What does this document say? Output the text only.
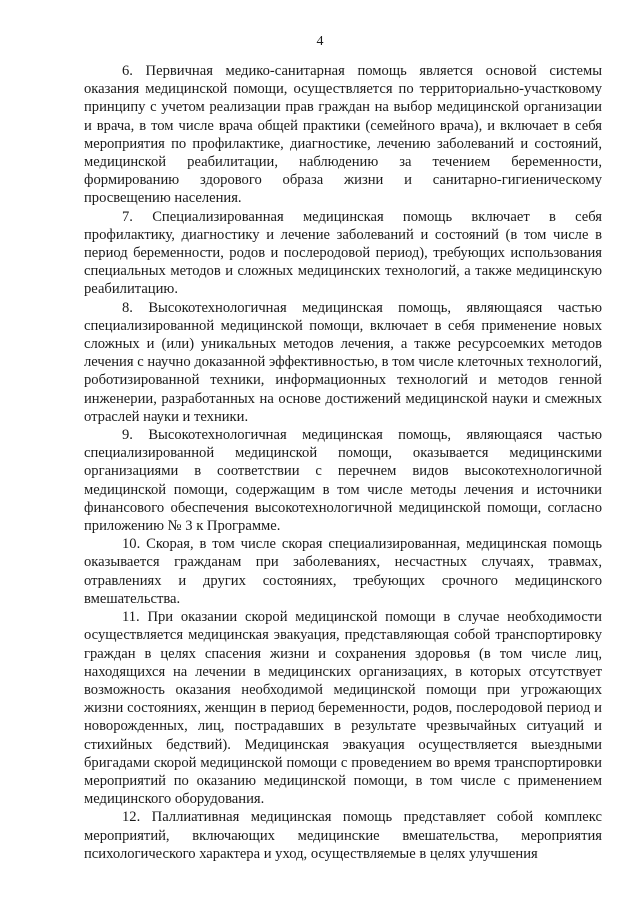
4

6. Первичная медико-санитарная помощь является основой системы оказания медицинской помощи, осуществляется по территориально-участковому принципу с учетом реализации прав граждан на выбор медицинской организации и врача, в том числе врача общей практики (семейного врача), и включает в себя мероприятия по профилактике, диагностике, лечению заболеваний и состояний, медицинской реабилитации, наблюдению за течением беременности, формированию здорового образа жизни и санитарно-гигиеническому просвещению населения.

7. Специализированная медицинская помощь включает в себя профилактику, диагностику и лечение заболеваний и состояний (в том числе в период беременности, родов и послеродовой период), требующих использования специальных методов и сложных медицинских технологий, а также медицинскую реабилитацию.

8. Высокотехнологичная медицинская помощь, являющаяся частью специализированной медицинской помощи, включает в себя применение новых сложных и (или) уникальных методов лечения, а также ресурсоемких методов лечения с научно доказанной эффективностью, в том числе клеточных технологий, роботизированной техники, информационных технологий и методов генной инженерии, разработанных на основе достижений медицинской науки и смежных отраслей науки и техники.

9. Высокотехнологичная медицинская помощь, являющаяся частью специализированной медицинской помощи, оказывается медицинскими организациями в соответствии с перечнем видов высокотехнологичной медицинской помощи, содержащим в том числе методы лечения и источники финансового обеспечения высокотехнологичной медицинской помощи, согласно приложению № 3 к Программе.

10. Скорая, в том числе скорая специализированная, медицинская помощь оказывается гражданам при заболеваниях, несчастных случаях, травмах, отравлениях и других состояниях, требующих срочного медицинского вмешательства.

11. При оказании скорой медицинской помощи в случае необходимости осуществляется медицинская эвакуация, представляющая собой транспортировку граждан в целях спасения жизни и сохранения здоровья (в том числе лиц, находящихся на лечении в медицинских организациях, в которых отсутствует возможность оказания необходимой медицинской помощи при угрожающих жизни состояниях, женщин в период беременности, родов, послеродовой период и новорожденных, лиц, пострадавших в результате чрезвычайных ситуаций и стихийных бедствий). Медицинская эвакуация осуществляется выездными бригадами скорой медицинской помощи с проведением во время транспортировки мероприятий по оказанию медицинской помощи, в том числе с применением медицинского оборудования.

12. Паллиативная медицинская помощь представляет собой комплекс мероприятий, включающих медицинские вмешательства, мероприятия психологического характера и уход, осуществляемые в целях улучшения
